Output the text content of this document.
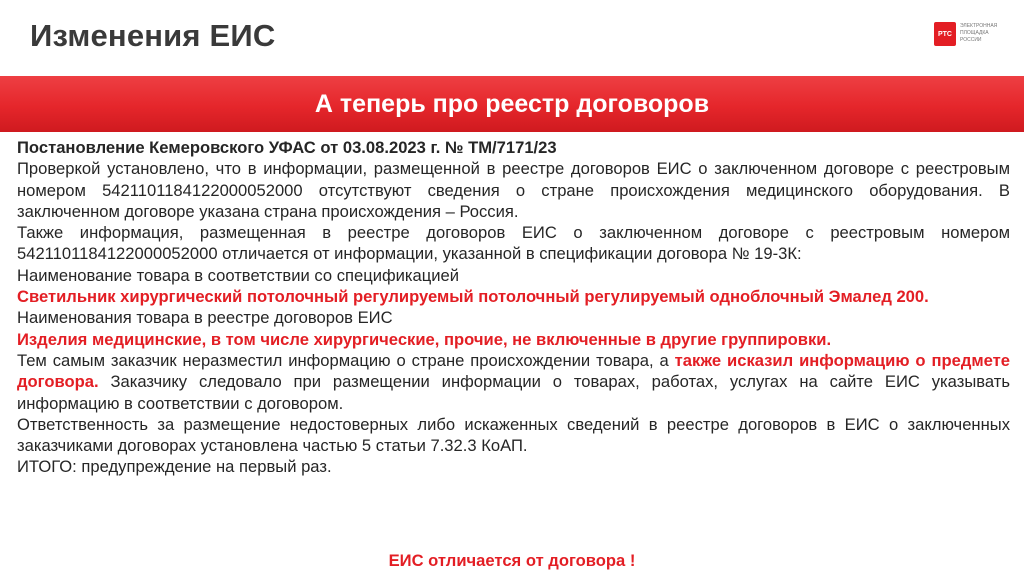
Изменения ЕИС	РТС
ЭЛЕКТРОННАЯ
ПЛОЩАДКА
РОССИИ
А теперь про реестр договоров

Постановление Кемеровского УФАС от 03.08.2023 г. № ТМ/7171/23

Проверкой установлено, что в информации, размещенной в реестре договоров ЕИС о заключенном договоре с реестровым номером 5421101184122000052000 отсутствуют сведения о стране происхождения медицинского оборудования. В заключенном договоре указана страна происхождения – Россия.

Также информация, размещенная в реестре договоров ЕИС о заключенном договоре с реестровым номером 5421101184122000052000 отличается от информации, указанной в спецификации договора № 19-3К:

Наименование товара в соответствии со спецификацией

Светильник хирургический потолочный регулируемый потолочный регулируемый одноблочный Эмалед 200.

Наименования товара в реестре договоров ЕИС

Изделия медицинские, в том числе хирургические, прочие, не включенные в другие группировки.

Тем самым заказчик неразместил информацию о стране происхождении товара, а также исказил информацию о предмете договора. Заказчику следовало при размещении информации о товарах, работах, услугах на сайте ЕИС указывать информацию в соответствии с договором.

Ответственность за размещение недостоверных либо искаженных сведений в реестре договоров в ЕИС о заключенных заказчиками договорах установлена частью 5 статьи 7.32.3 КоАП.

ИТОГО: предупреждение на первый раз.

ЕИС отличается от договора !
